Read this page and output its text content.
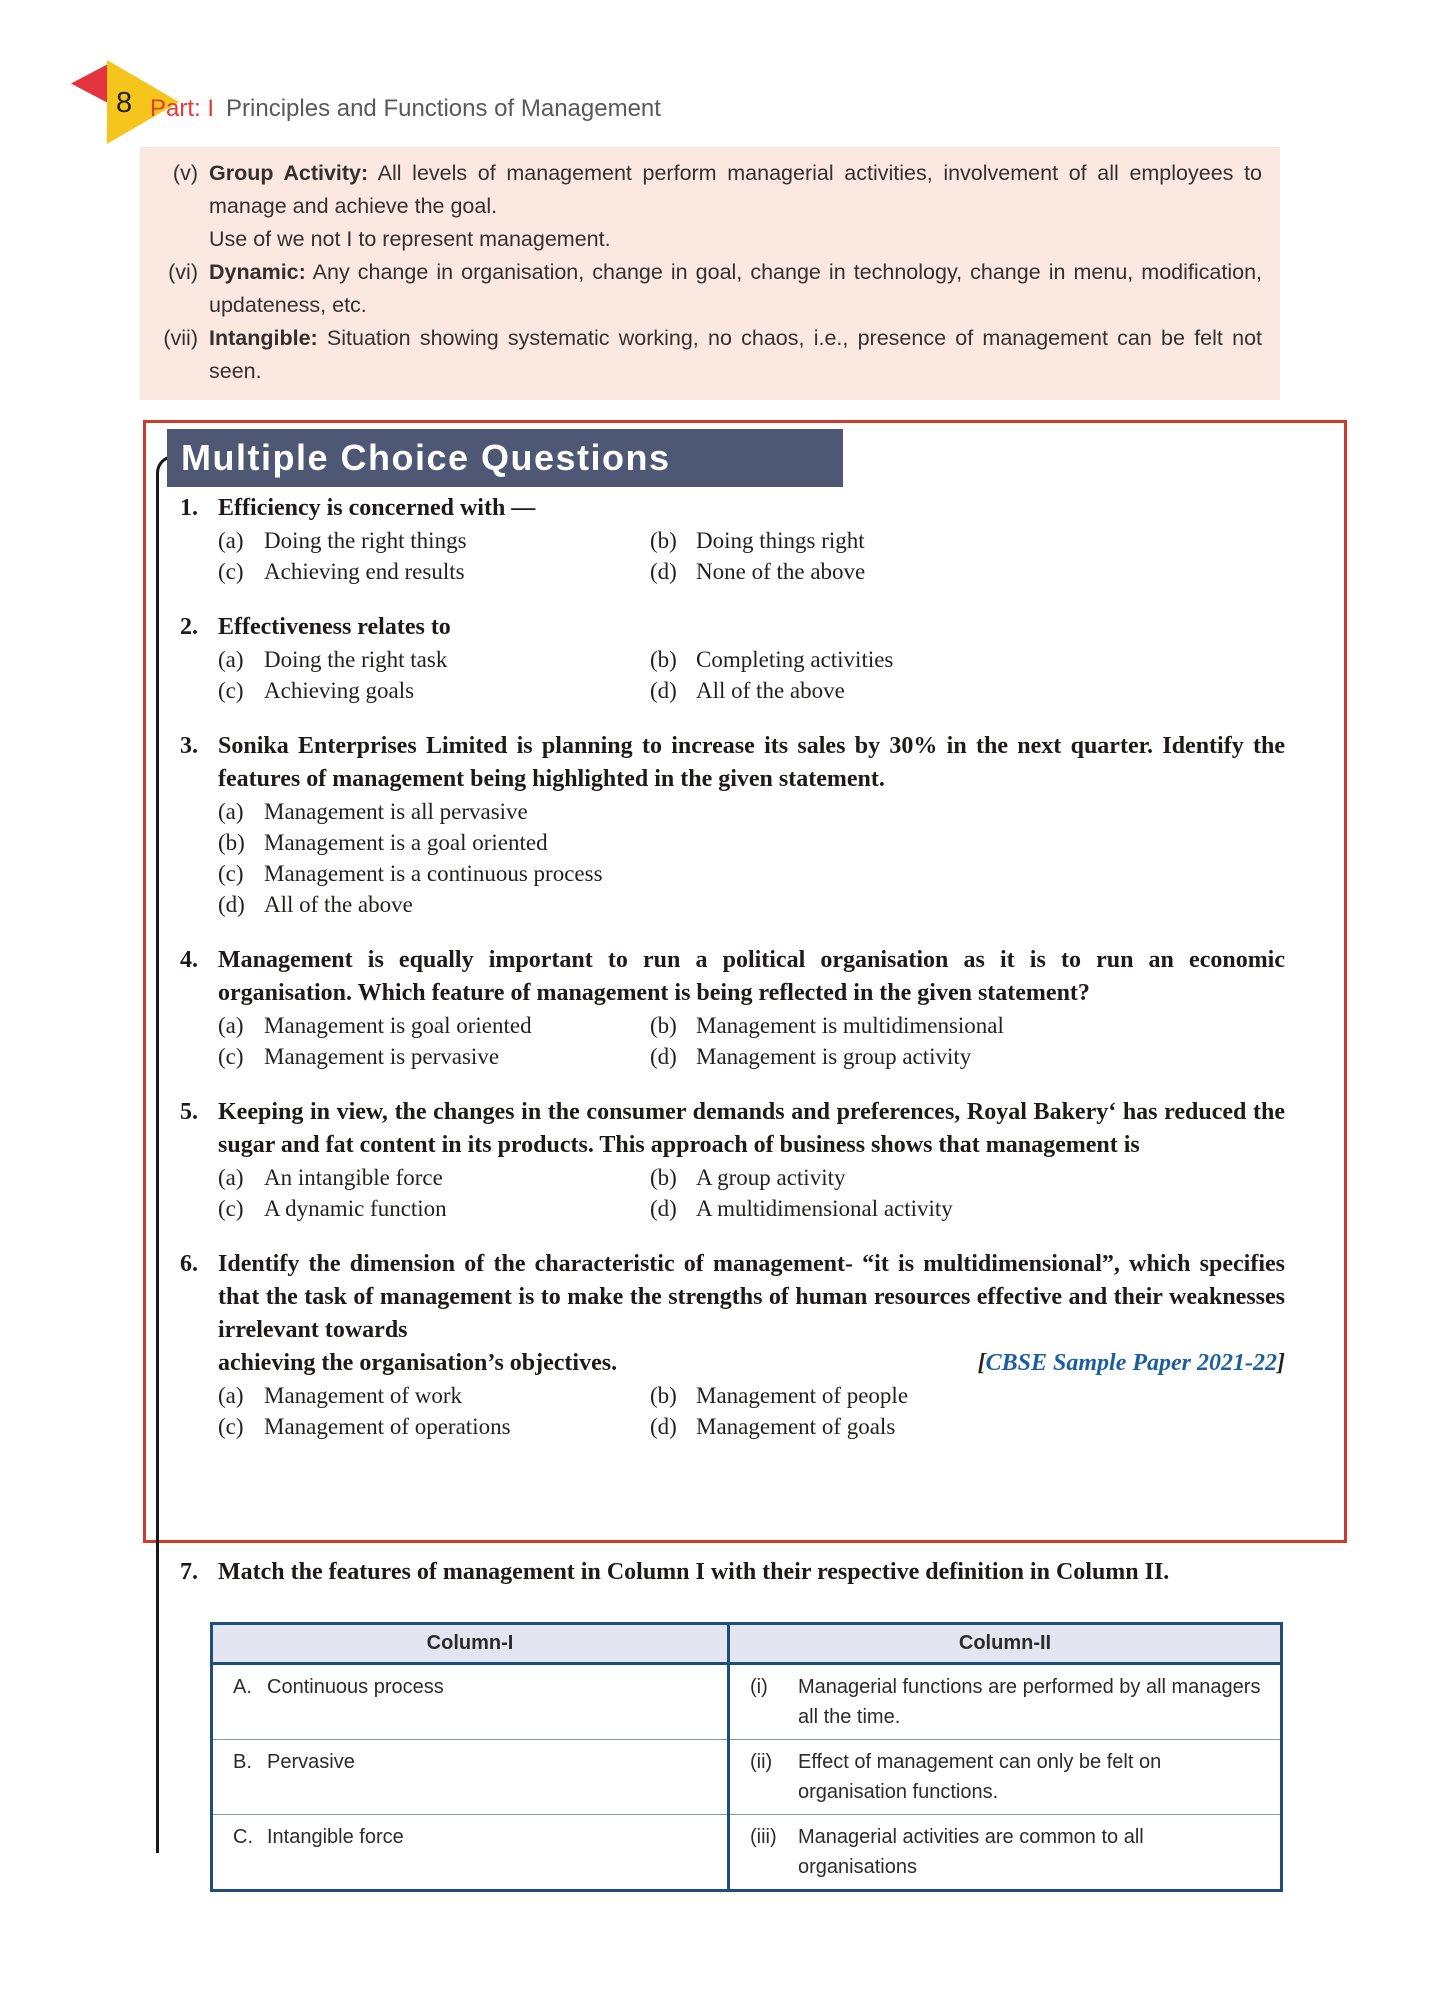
8 Part: I Principles and Functions of Management
(v) Group Activity: All levels of management perform managerial activities, involvement of all employees to manage and achieve the goal.
Use of we not I to represent management.
(vi) Dynamic: Any change in organisation, change in goal, change in technology, change in menu, modification, updateness, etc.
(vii) Intangible: Situation showing systematic working, no chaos, i.e., presence of management can be felt not seen.
Multiple Choice Questions
1. Efficiency is concerned with —
(a) Doing the right things	(b) Doing things right
(c) Achieving end results	(d) None of the above
2. Effectiveness relates to
(a) Doing the right task	(b) Completing activities
(c) Achieving goals	(d) All of the above
3. Sonika Enterprises Limited is planning to increase its sales by 30% in the next quarter. Identify the features of management being highlighted in the given statement.
(a) Management is all pervasive
(b) Management is a goal oriented
(c) Management is a continuous process
(d) All of the above
4. Management is equally important to run a political organisation as it is to run an economic organisation. Which feature of management is being reflected in the given statement?
(a) Management is goal oriented	(b) Management is multidimensional
(c) Management is pervasive	(d) Management is group activity
5. Keeping in view, the changes in the consumer demands and preferences, Royal Bakery‘ has reduced the sugar and fat content in its products. This approach of business shows that management is
(a) An intangible force	(b) A group activity
(c) A dynamic function	(d) A multidimensional activity
6. Identify the dimension of the characteristic of management- “it is multidimensional”, which specifies that the task of management is to make the strengths of human resources effective and their weaknesses irrelevant towards
achieving the organisation’s objectives.	[CBSE Sample Paper 2021-22]
(a) Management of work	(b) Management of people
(c) Management of operations	(d) Management of goals
7. Match the features of management in Column I with their respective definition in Column II.
Column-I	Column-II

A. Continuous process	(i) Managerial functions are performed by all managers all the time.

B. Pervasive	(ii) Effect of management can only be felt on organisation functions.

C. Intangible force	(iii) Managerial activities are common to all organisations
